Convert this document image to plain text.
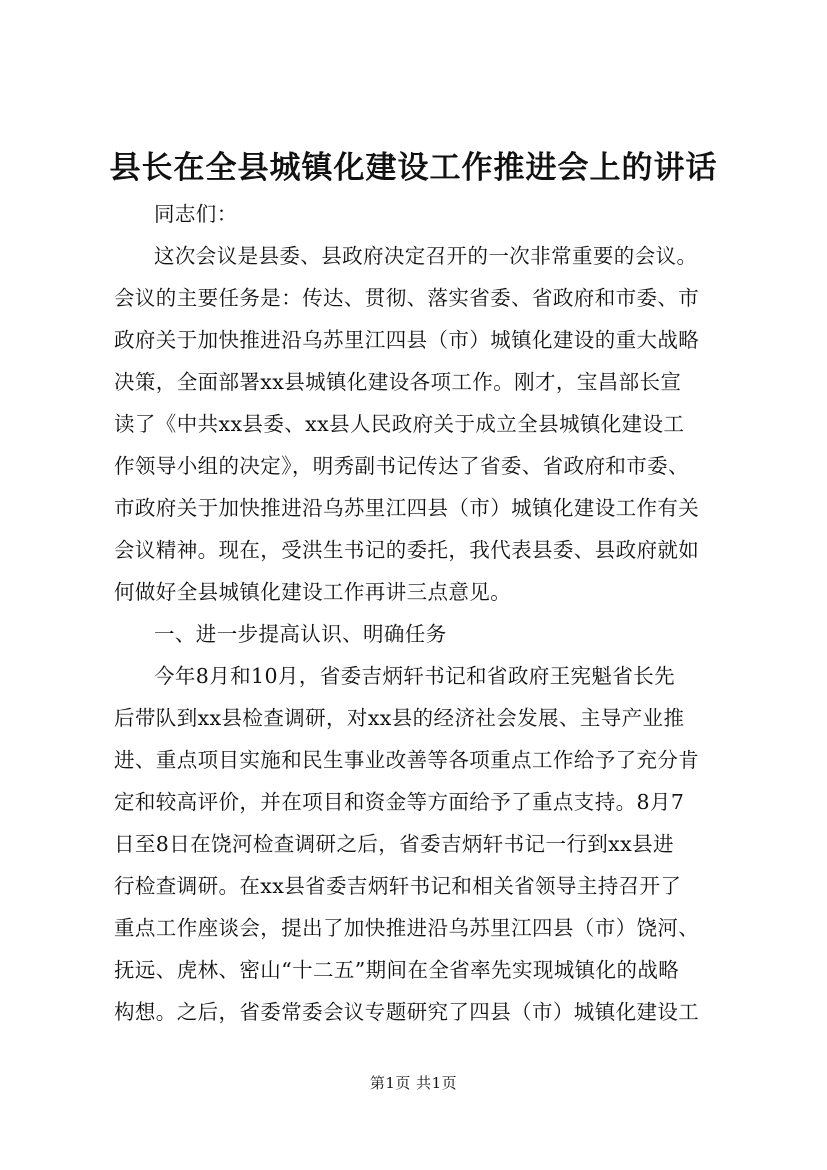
县长在全县城镇化建设工作推进会上的讲话
同志们：
这次会议是县委、县政府决定召开的一次非常重要的会议。
会议的主要任务是：传达、贯彻、落实省委、省政府和市委、市
政府关于加快推进沿乌苏里江四县（市）城镇化建设的重大战略
决策，全面部署xx县城镇化建设各项工作。刚才，宝昌部长宣
读了《中共xx县委、xx县人民政府关于成立全县城镇化建设工
作领导小组的决定》，明秀副书记传达了省委、省政府和市委、
市政府关于加快推进沿乌苏里江四县（市）城镇化建设工作有关
会议精神。现在，受洪生书记的委托，我代表县委、县政府就如
何做好全县城镇化建设工作再讲三点意见。
一、进一步提高认识、明确任务
今年8月和10月，省委吉炳轩书记和省政府王宪魁省长先
后带队到xx县检查调研，对xx县的经济社会发展、主导产业推
进、重点项目实施和民生事业改善等各项重点工作给予了充分肯
定和较高评价，并在项目和资金等方面给予了重点支持。8月7
日至8日在饶河检查调研之后，省委吉炳轩书记一行到xx县进
行检查调研。在xx县省委吉炳轩书记和相关省领导主持召开了
重点工作座谈会，提出了加快推进沿乌苏里江四县（市）饶河、
抚远、虎林、密山“十二五”期间在全省率先实现城镇化的战略
构想。之后，省委常委会议专题研究了四县（市）城镇化建设工
第1页 共1页
